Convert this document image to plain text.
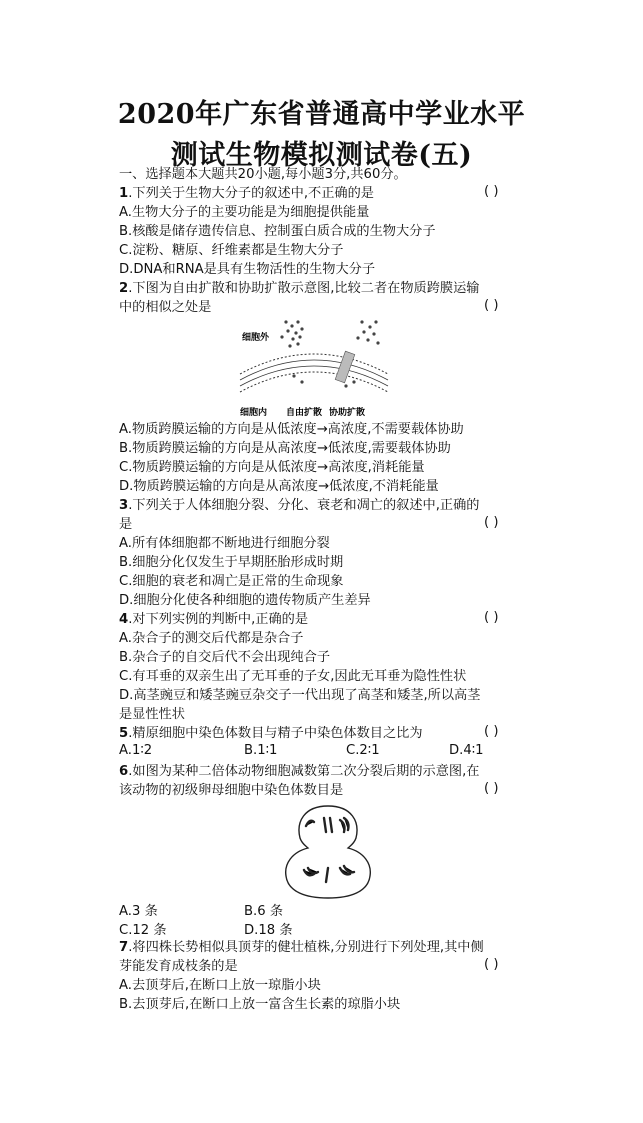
2020年广东省普通高中学业水平
测试生物模拟测试卷(五)
一、选择题本大题共20小题,每小题3分,共60分。
1.下列关于生物大分子的叙述中,不正确的是	( )
A.生物大分子的主要功能是为细胞提供能量
B.核酸是储存遗传信息、控制蛋白质合成的生物大分子
C.淀粉、糖原、纤维素都是生物大分子
D.DNA和RNA是具有生物活性的生物大分子
2.下图为自由扩散和协助扩散示意图,比较二者在物质跨膜运输
中的相似之处是	( )
细胞外
细胞内 自由扩散 协助扩散
A.物质跨膜运输的方向是从低浓度→高浓度,不需要载体协助
B.物质跨膜运输的方向是从高浓度→低浓度,需要载体协助
C.物质跨膜运输的方向是从低浓度→高浓度,消耗能量
D.物质跨膜运输的方向是从高浓度→低浓度,不消耗能量
3.下列关于人体细胞分裂、分化、衰老和凋亡的叙述中,正确的
是	( )
A.所有体细胞都不断地进行细胞分裂
B.细胞分化仅发生于早期胚胎形成时期
C.细胞的衰老和凋亡是正常的生命现象
D.细胞分化使各种细胞的遗传物质产生差异
4.对下列实例的判断中,正确的是	( )
A.杂合子的测交后代都是杂合子
B.杂合子的自交后代不会出现纯合子
C.有耳垂的双亲生出了无耳垂的子女,因此无耳垂为隐性性状
D.高茎豌豆和矮茎豌豆杂交子一代出现了高茎和矮茎,所以高茎
是显性性状
5.精原细胞中染色体数目与精子中染色体数目之比为	( )
A.1∶2	B.1∶1	C.2∶1	D.4∶1
6.如图为某种二倍体动物细胞减数第二次分裂后期的示意图,在
该动物的初级卵母细胞中染色体数目是	( )
A.3 条	B.6 条
C.12 条	D.18 条
7.将四株长势相似具顶芽的健壮植株,分别进行下列处理,其中侧
芽能发育成枝条的是	( )
A.去顶芽后,在断口上放一琼脂小块
B.去顶芽后,在断口上放一富含生长素的琼脂小块
